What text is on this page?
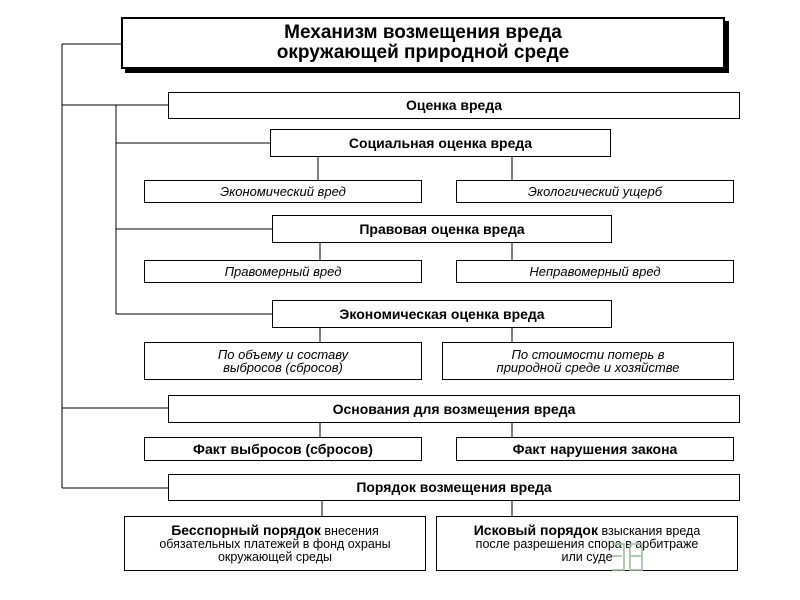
Механизм возмещения вреда
окружающей природной среде
Оценка вреда
Социальная оценка вреда
Экономический вред	Экологический ущерб
Правовая оценка вреда
Правомерный вред	Неправомерный вред
Экономическая оценка вреда
По объему и составу
выбросов (сбросов)
По стоимости потерь в
природной среде и хозяйстве
Основания для возмещения вреда
Факт выбросов (сбросов)	Факт нарушения закона
Порядок возмещения вреда
Бесспорный порядок внесения
обязательных платежей в фонд охраны
окружающей среды
Исковый порядок взыскания вреда
после разрешения спора в арбитраже
или суде
